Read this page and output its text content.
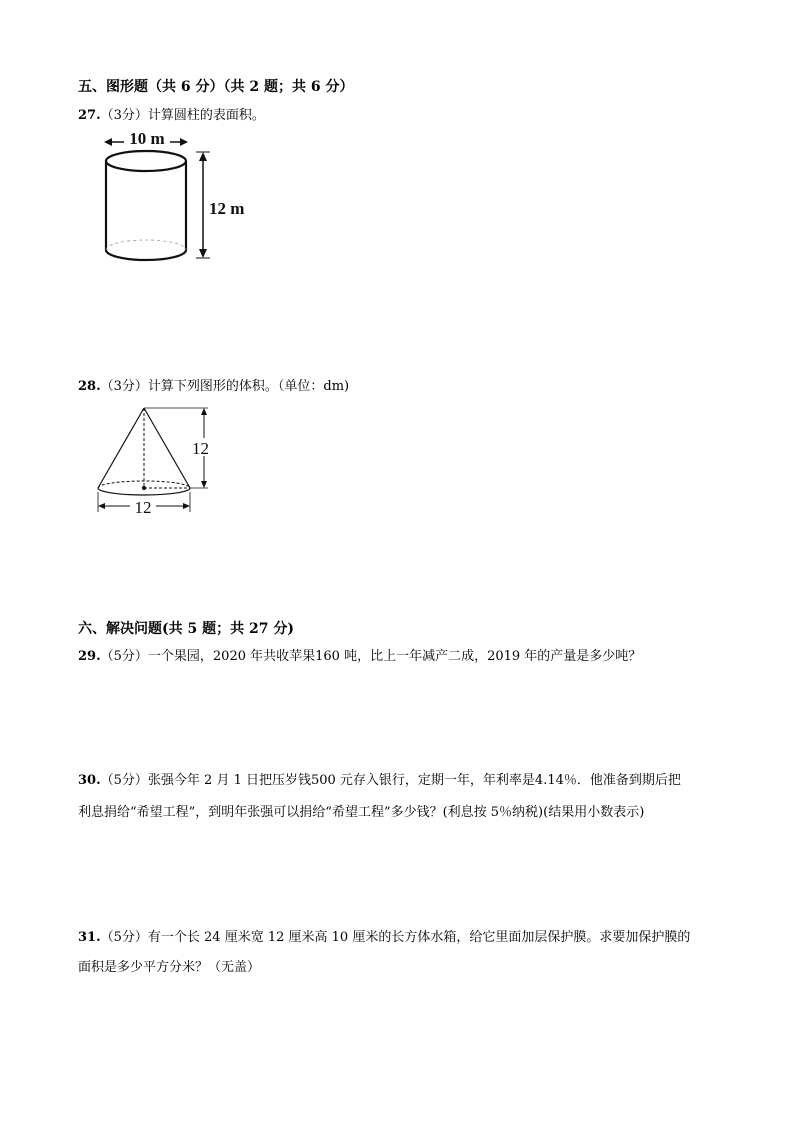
五、图形题（共 6 分）（共 2 题；共 6 分）
27.（3分）计算圆柱的表面积。
10 m
12 m
28.（3分）计算下列图形的体积。（单位：dm)
12
12
六、解决问题(共 5 题；共 27 分)
29.（5分）一个果园，2020 年共收苹果160 吨，比上一年减产二成，2019 年的产量是多少吨？
30.（5分）张强今年 2 月 1 日把压岁钱500 元存入银行，定期一年，年利率是4.14％．他准备到期后把
利息捐给“希望工程”，到明年张强可以捐给“希望工程”多少钱？(利息按 5％纳税)(结果用小数表示)
31.（5分）有一个长 24 厘米宽 12 厘米高 10 厘米的长方体水箱，给它里面加层保护膜。求要加保护膜的
面积是多少平方分米？（无盖）
